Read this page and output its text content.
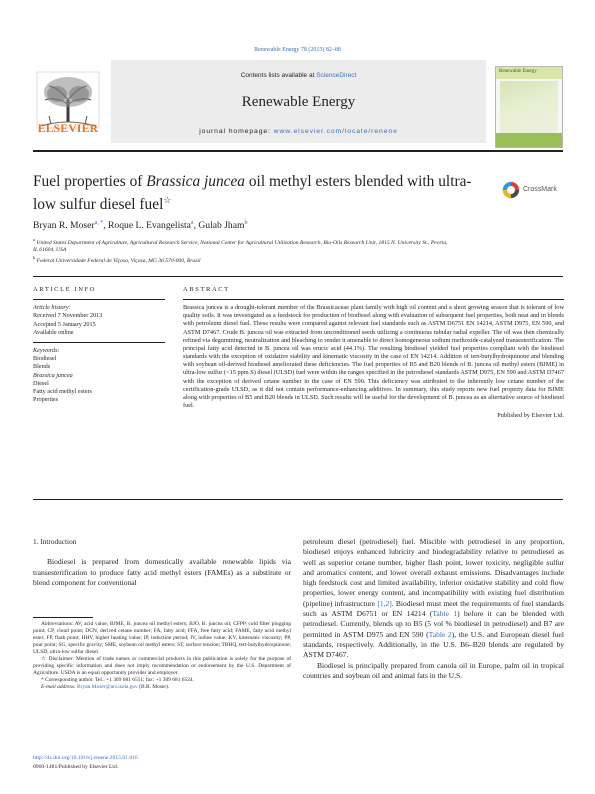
Renewable Energy 78 (2015) 82–88
ELSEVIER
Contents lists available at ScienceDirect
Renewable Energy
journal homepage: www.elsevier.com/locate/renene
Renewable Energy
Fuel properties of Brassica juncea oil methyl esters blended with ultra-low sulfur diesel fuel☆
CrossMark
Bryan R. Moser$^{a, *}$, Roque L. Evangelista$^a$, Gulab Jham$^b$
$^a$ United States Department of Agriculture, Agricultural Research Service, National Center for Agricultural Utilization Research, Bio-Oils Research Unit, 1815 N. University St., Peoria, IL 61604, USA
$^b$ Federal Universidade Federal de Viçosa, Viçosa, MG 36.570-000, Brazil
ARTICLE INFO
Article history:
Received 7 November 2013
Accepted 5 January 2015
Available online
Keywords:
Biodiesel
Blends
Brassica juncea
Diesel
Fatty acid methyl esters
Properties
ABSTRACT
Brassica juncea is a drought-tolerant member of the Brassicaceae plant family with high oil content and a short growing season that is tolerant of low quality soils. It was investigated as a feedstock for production of biodiesel along with evaluation of subsequent fuel properties, both neat and in blends with petroleum diesel fuel. These results were compared against relevant fuel standards such as ASTM D6751 EN 14214, ASTM D975, EN 590, and ASTM D7467. Crude B. juncea oil was extracted from unconditioned seeds utilizing a continuous tubular radial expeller. The oil was then chemically refined via degumming, neutralization and bleaching to render it amenable to direct homogeneous sodium methoxide-catalyzed transesterification. The principal fatty acid detected in B. juncea oil was erucic acid (44.1%). The resulting biodiesel yielded fuel properties compliant with the biodiesel standards with the exception of oxidative stability and kinematic viscosity in the case of EN 14214. Addition of tert-butylhydroquinone and blending with soybean oil-derived biodiesel ameliorated these deficiencies. The fuel properties of B5 and B20 blends of B. juncea oil methyl esters (BJME) in ultra-low sulfur (<15 ppm S) diesel (ULSD) fuel were within the ranges specified in the petrodiesel standards ASTM D975, EN 590 and ASTM D7467 with the exception of derived cetane number in the case of EN 590. This deficiency was attributed to the inherently low cetane number of the certification-grade ULSD, as it did not contain performance-enhancing additives. In summary, this study reports new fuel property data for BJME along with properties of B5 and B20 blends in ULSD. Such results will be useful for the development of B. juncea as an alternative source of biodiesel fuel.
Published by Elsevier Ltd.
1. Introduction
Biodiesel is prepared from domestically available renewable lipids via transesterification to produce fatty acid methyl esters (FAMEs) as a substitute or blend component for conventional

Abbreviations: AV, acid value; BJME, B. juncea oil methyl esters; BJO, B. juncea oil; CFPP, cold filter plugging point; CP, cloud point; DCN, derived cetane number; FA, fatty acid; FFA, free fatty acid; FAME, fatty acid methyl ester; FP, flash point; HHV, higher heating value; IP, induction period; IV, iodine value; KV, kinematic viscosity; PP, pour point; SG, specific gravity; SME, soybean oil methyl esters; ST, surface tension; TBHQ, tert-butylhydroquinone; ULSD, ultra-low sulfur diesel.

☆ Disclaimer: Mention of trade names or commercial products in this publication is solely for the purpose of providing specific information and does not imply recommendation or endorsement by the U.S. Department of Agriculture. USDA is an equal opportunity provider and employer.

* Corresponding author. Tel.: +1 309 681 6511; fax: +1 309 681 6524.

E-mail address: Bryan.Moser@ars.usda.gov (B.R. Moser).

http://dx.doi.org/10.1016/j.renene.2015.01.016
0960-1481/Published by Elsevier Ltd.
petroleum diesel (petrodiesel) fuel. Miscible with petrodiesel in any proportion, biodiesel enjoys enhanced lubricity and biodegradability relative to petrodiesel as well as superior cetane number, higher flash point, lower toxicity, negligible sulfur and aromatics content, and lower overall exhaust emissions. Disadvantages include high feedstock cost and limited availability, inferior oxidative stability and cold flow properties, lower energy content, and incompatibility with existing fuel distribution (pipeline) infrastructure [1,2]. Biodiesel must meet the requirements of fuel standards such as ASTM D6751 or EN 14214 (Table 1) before it can be blended with petrodiesel. Currently, blends up to B5 (5 vol % biodiesel in petrodiesel) and B7 are permitted in ASTM D975 and EN 590 (Table 2), the U.S. and European diesel fuel standards, respectively. Additionally, in the U.S. B6–B20 blends are regulated by ASTM D7467.
Biodiesel is principally prepared from canola oil in Europe, palm oil in tropical countries and soybean oil and animal fats in the U.S.
